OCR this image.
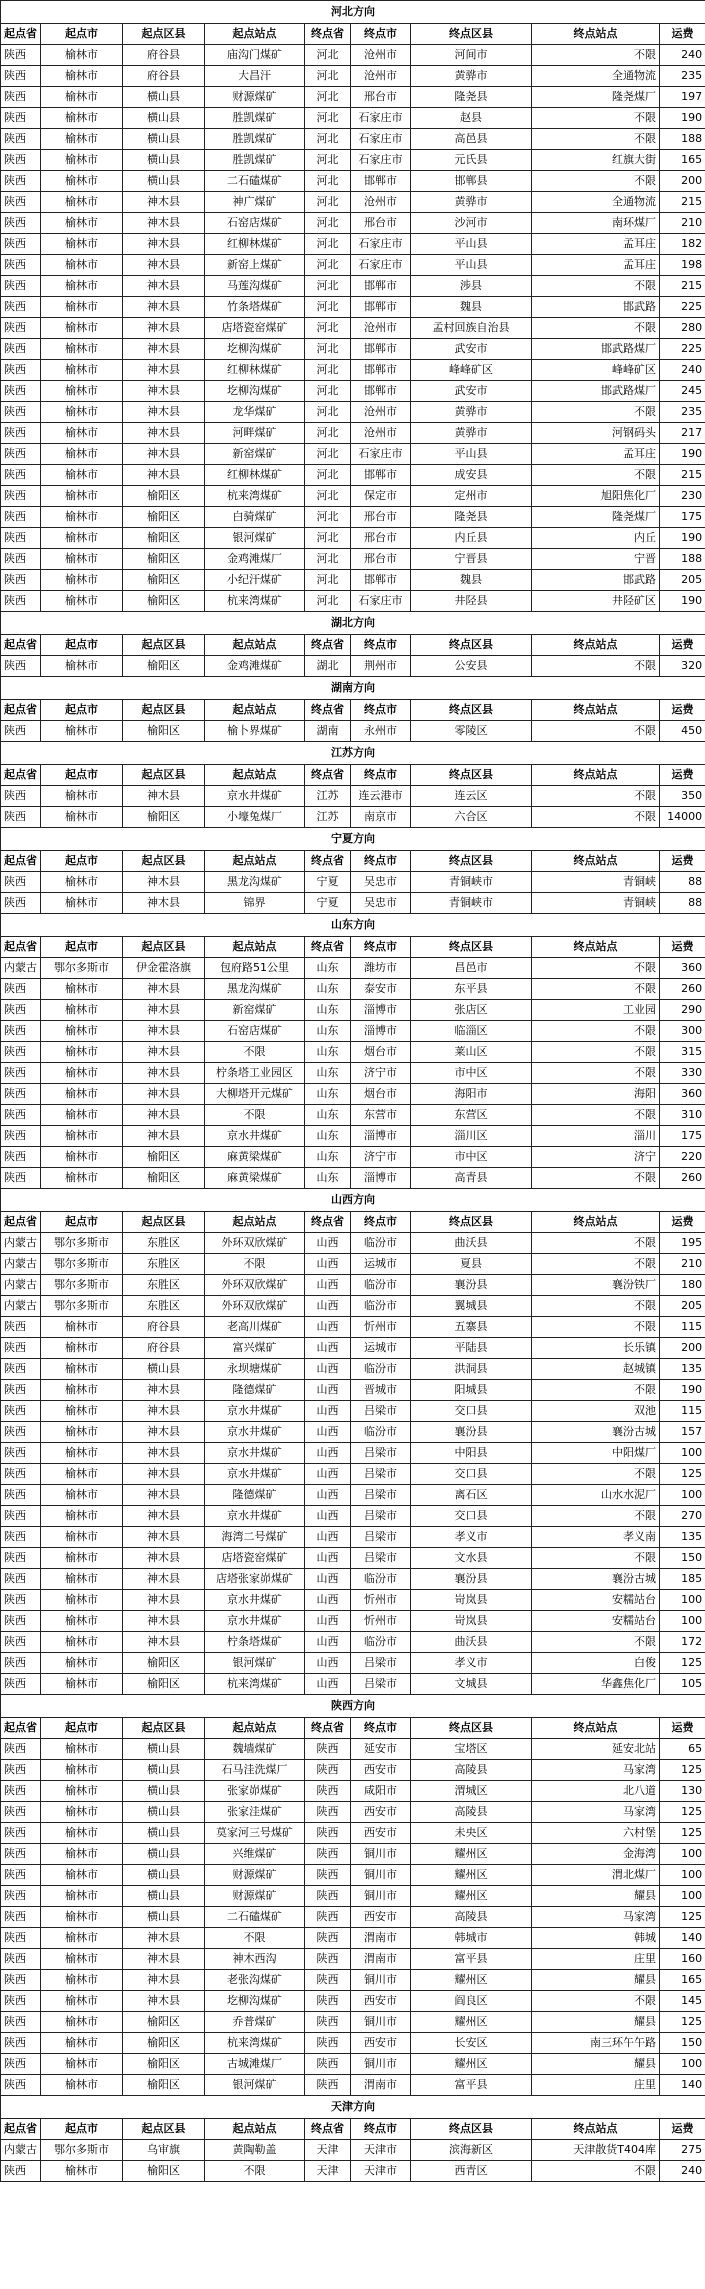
河北方向								
起点省	起点市	起点区县	起点站点	终点省	终点市	终点区县	终点站点	运费
陕西	榆林市	府谷县	庙沟门煤矿	河北	沧州市	河间市	不限	240
陕西	榆林市	府谷县	大昌汗	河北	沧州市	黄骅市	全通物流	235
陕西	榆林市	横山县	财源煤矿	河北	邢台市	隆尧县	隆尧煤厂	197
陕西	榆林市	横山县	胜凯煤矿	河北	石家庄市	赵县	不限	190
陕西	榆林市	横山县	胜凯煤矿	河北	石家庄市	高邑县	不限	188
陕西	榆林市	横山县	胜凯煤矿	河北	石家庄市	元氏县	红旗大街	165
陕西	榆林市	横山县	二石磕煤矿	河北	邯郸市	邯郸县	不限	200
陕西	榆林市	神木县	神广煤矿	河北	沧州市	黄骅市	全通物流	215
陕西	榆林市	神木县	石窑店煤矿	河北	邢台市	沙河市	南环煤厂	210
陕西	榆林市	神木县	红柳林煤矿	河北	石家庄市	平山县	孟耳庄	182
陕西	榆林市	神木县	新窑上煤矿	河北	石家庄市	平山县	孟耳庄	198
陕西	榆林市	神木县	马莲沟煤矿	河北	邯郸市	涉县	不限	215
陕西	榆林市	神木县	竹条塔煤矿	河北	邯郸市	魏县	邯武路	225
陕西	榆林市	神木县	店塔瓷窑煤矿	河北	沧州市	孟村回族自治县	不限	280
陕西	榆林市	神木县	圪柳沟煤矿	河北	邯郸市	武安市	邯武路煤厂	225
陕西	榆林市	神木县	红柳林煤矿	河北	邯郸市	峰峰矿区	峰峰矿区	240
陕西	榆林市	神木县	圪柳沟煤矿	河北	邯郸市	武安市	邯武路煤厂	245
陕西	榆林市	神木县	龙华煤矿	河北	沧州市	黄骅市	不限	235
陕西	榆林市	神木县	河畔煤矿	河北	沧州市	黄骅市	河钢码头	217
陕西	榆林市	神木县	新窑煤矿	河北	石家庄市	平山县	孟耳庄	190
陕西	榆林市	神木县	红柳林煤矿	河北	邯郸市	成安县	不限	215
陕西	榆林市	榆阳区	杭来湾煤矿	河北	保定市	定州市	旭阳焦化厂	230
陕西	榆林市	榆阳区	白骑煤矿	河北	邢台市	隆尧县	隆尧煤厂	175
陕西	榆林市	榆阳区	银河煤矿	河北	邢台市	内丘县	内丘	190
陕西	榆林市	榆阳区	金鸡滩煤厂	河北	邢台市	宁晋县	宁晋	188
陕西	榆林市	榆阳区	小纪汗煤矿	河北	邯郸市	魏县	邯武路	205
陕西	榆林市	榆阳区	杭来湾煤矿	河北	石家庄市	井陉县	井陉矿区	190
湖北方向								
起点省	起点市	起点区县	起点站点	终点省	终点市	终点区县	终点站点	运费
陕西	榆林市	榆阳区	金鸡滩煤矿	湖北	荆州市	公安县	不限	320
湖南方向								
起点省	起点市	起点区县	起点站点	终点省	终点市	终点区县	终点站点	运费
陕西	榆林市	榆阳区	榆卜界煤矿	湖南	永州市	零陵区	不限	450
江苏方向								
起点省	起点市	起点区县	起点站点	终点省	终点市	终点区县	终点站点	运费
陕西	榆林市	神木县	京水井煤矿	江苏	连云港市	连云区	不限	350
陕西	榆林市	榆阳区	小壕兔煤厂	江苏	南京市	六合区	不限	14000
宁夏方向								
起点省	起点市	起点区县	起点站点	终点省	终点市	终点区县	终点站点	运费
陕西	榆林市	神木县	黑龙沟煤矿	宁夏	吴忠市	青铜峡市	青铜峡	88
陕西	榆林市	神木县	锦界	宁夏	吴忠市	青铜峡市	青铜峡	88
山东方向								
起点省	起点市	起点区县	起点站点	终点省	终点市	终点区县	终点站点	运费
内蒙古	鄂尔多斯市	伊金霍洛旗	包府路51公里	山东	潍坊市	昌邑市	不限	360
陕西	榆林市	神木县	黑龙沟煤矿	山东	泰安市	东平县	不限	260
陕西	榆林市	神木县	新窑煤矿	山东	淄博市	张店区	工业园	290
陕西	榆林市	神木县	石窑店煤矿	山东	淄博市	临淄区	不限	300
陕西	榆林市	神木县	不限	山东	烟台市	莱山区	不限	315
陕西	榆林市	神木县	柠条塔工业园区	山东	济宁市	市中区	不限	330
陕西	榆林市	神木县	大柳塔开元煤矿	山东	烟台市	海阳市	海阳	360
陕西	榆林市	神木县	不限	山东	东营市	东营区	不限	310
陕西	榆林市	神木县	京水井煤矿	山东	淄博市	淄川区	淄川	175
陕西	榆林市	榆阳区	麻黄梁煤矿	山东	济宁市	市中区	济宁	220
陕西	榆林市	榆阳区	麻黄梁煤矿	山东	淄博市	高青县	不限	260
山西方向								
起点省	起点市	起点区县	起点站点	终点省	终点市	终点区县	终点站点	运费
内蒙古	鄂尔多斯市	东胜区	外环双欣煤矿	山西	临汾市	曲沃县	不限	195
内蒙古	鄂尔多斯市	东胜区	不限	山西	运城市	夏县	不限	210
内蒙古	鄂尔多斯市	东胜区	外环双欣煤矿	山西	临汾市	襄汾县	襄汾铁厂	180
内蒙古	鄂尔多斯市	东胜区	外环双欣煤矿	山西	临汾市	翼城县	不限	205
陕西	榆林市	府谷县	老高川煤矿	山西	忻州市	五寨县	不限	115
陕西	榆林市	府谷县	富兴煤矿	山西	运城市	平陆县	长乐镇	200
陕西	榆林市	横山县	永坝塘煤矿	山西	临汾市	洪洞县	赵城镇	135
陕西	榆林市	神木县	隆德煤矿	山西	晋城市	阳城县	不限	190
陕西	榆林市	神木县	京水井煤矿	山西	吕梁市	交口县	双池	115
陕西	榆林市	神木县	京水井煤矿	山西	临汾市	襄汾县	襄汾古城	157
陕西	榆林市	神木县	京水井煤矿	山西	吕梁市	中阳县	中阳煤厂	100
陕西	榆林市	神木县	京水井煤矿	山西	吕梁市	交口县	不限	125
陕西	榆林市	神木县	隆德煤矿	山西	吕梁市	离石区	山水水泥厂	100
陕西	榆林市	神木县	京水井煤矿	山西	吕梁市	交口县	不限	270
陕西	榆林市	神木县	海湾二号煤矿	山西	吕梁市	孝义市	孝义南	135
陕西	榆林市	神木县	店塔瓷窑煤矿	山西	吕梁市	文水县	不限	150
陕西	榆林市	神木县	店塔张家峁煤矿	山西	临汾市	襄汾县	襄汾古城	185
陕西	榆林市	神木县	京水井煤矿	山西	忻州市	岢岚县	安糯站台	100
陕西	榆林市	神木县	京水井煤矿	山西	忻州市	岢岚县	安糯站台	100
陕西	榆林市	神木县	柠条塔煤矿	山西	临汾市	曲沃县	不限	172
陕西	榆林市	榆阳区	银河煤矿	山西	吕梁市	孝义市	白俊	125
陕西	榆林市	榆阳区	杭来湾煤矿	山西	吕梁市	文城县	华鑫焦化厂	105
陕西方向								
起点省	起点市	起点区县	起点站点	终点省	终点市	终点区县	终点站点	运费
陕西	榆林市	横山县	魏墙煤矿	陕西	延安市	宝塔区	延安北站	65
陕西	榆林市	横山县	石马洼洗煤厂	陕西	西安市	高陵县	马家湾	125
陕西	榆林市	横山县	张家峁煤矿	陕西	咸阳市	渭城区	北八道	130
陕西	榆林市	横山县	张家洼煤矿	陕西	西安市	高陵县	马家湾	125
陕西	榆林市	横山县	莫家河三号煤矿	陕西	西安市	未央区	六村堡	125
陕西	榆林市	横山县	兴维煤矿	陕西	铜川市	耀州区	金海湾	100
陕西	榆林市	横山县	财源煤矿	陕西	铜川市	耀州区	渭北煤厂	100
陕西	榆林市	横山县	财源煤矿	陕西	铜川市	耀州区	耀县	100
陕西	榆林市	横山县	二石磕煤矿	陕西	西安市	高陵县	马家湾	125
陕西	榆林市	神木县	不限	陕西	渭南市	韩城市	韩城	140
陕西	榆林市	神木县	神木西沟	陕西	渭南市	富平县	庄里	160
陕西	榆林市	神木县	老张沟煤矿	陕西	铜川市	耀州区	耀县	165
陕西	榆林市	神木县	圪柳沟煤矿	陕西	西安市	阎良区	不限	145
陕西	榆林市	榆阳区	乔普煤矿	陕西	铜川市	耀州区	耀县	125
陕西	榆林市	榆阳区	杭来湾煤矿	陕西	西安市	长安区	南三环午午路	150
陕西	榆林市	榆阳区	古城滩煤厂	陕西	铜川市	耀州区	耀县	100
陕西	榆林市	榆阳区	银河煤矿	陕西	渭南市	富平县	庄里	140
天津方向								
起点省	起点市	起点区县	起点站点	终点省	终点市	终点区县	终点站点	运费
内蒙古	鄂尔多斯市	乌审旗	黄陶勒盖	天津	天津市	滨海新区	天津散货T404库	275
陕西	榆林市	榆阳区	不限	天津	天津市	西青区	不限	240
